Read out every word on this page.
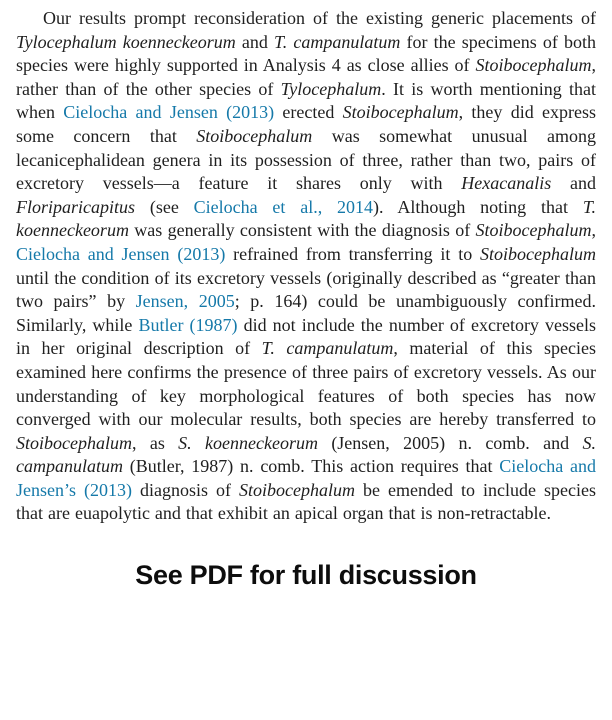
Our results prompt reconsideration of the existing generic placements of Tylocephalum koenneckeorum and T. campanulatum for the specimens of both species were highly supported in Analysis 4 as close allies of Stoibocephalum, rather than of the other species of Tylocephalum. It is worth mentioning that when Cielocha and Jensen (2013) erected Stoibocephalum, they did express some concern that Stoibocephalum was somewhat unusual among lecanicephalidean genera in its possession of three, rather than two, pairs of excretory vessels—a feature it shares only with Hexacanalis and Floriparicapitus (see Cielocha et al., 2014). Although noting that T. koenneckeorum was generally consistent with the diagnosis of Stoibocephalum, Cielocha and Jensen (2013) refrained from transferring it to Stoibocephalum until the condition of its excretory vessels (originally described as “greater than two pairs” by Jensen, 2005; p. 164) could be unambiguously confirmed. Similarly, while Butler (1987) did not include the number of excretory vessels in her original description of T. campanulatum, material of this species examined here confirms the presence of three pairs of excretory vessels. As our understanding of key morphological features of both species has now converged with our molecular results, both species are hereby transferred to Stoibocephalum, as S. koenneckeorum (Jensen, 2005) n. comb. and S. campanulatum (Butler, 1987) n. comb. This action requires that Cielocha and Jensen’s (2013) diagnosis of Stoibocephalum be emended to include species that are euapolytic and that exhibit an apical organ that is non-retractable.

See PDF for full discussion
